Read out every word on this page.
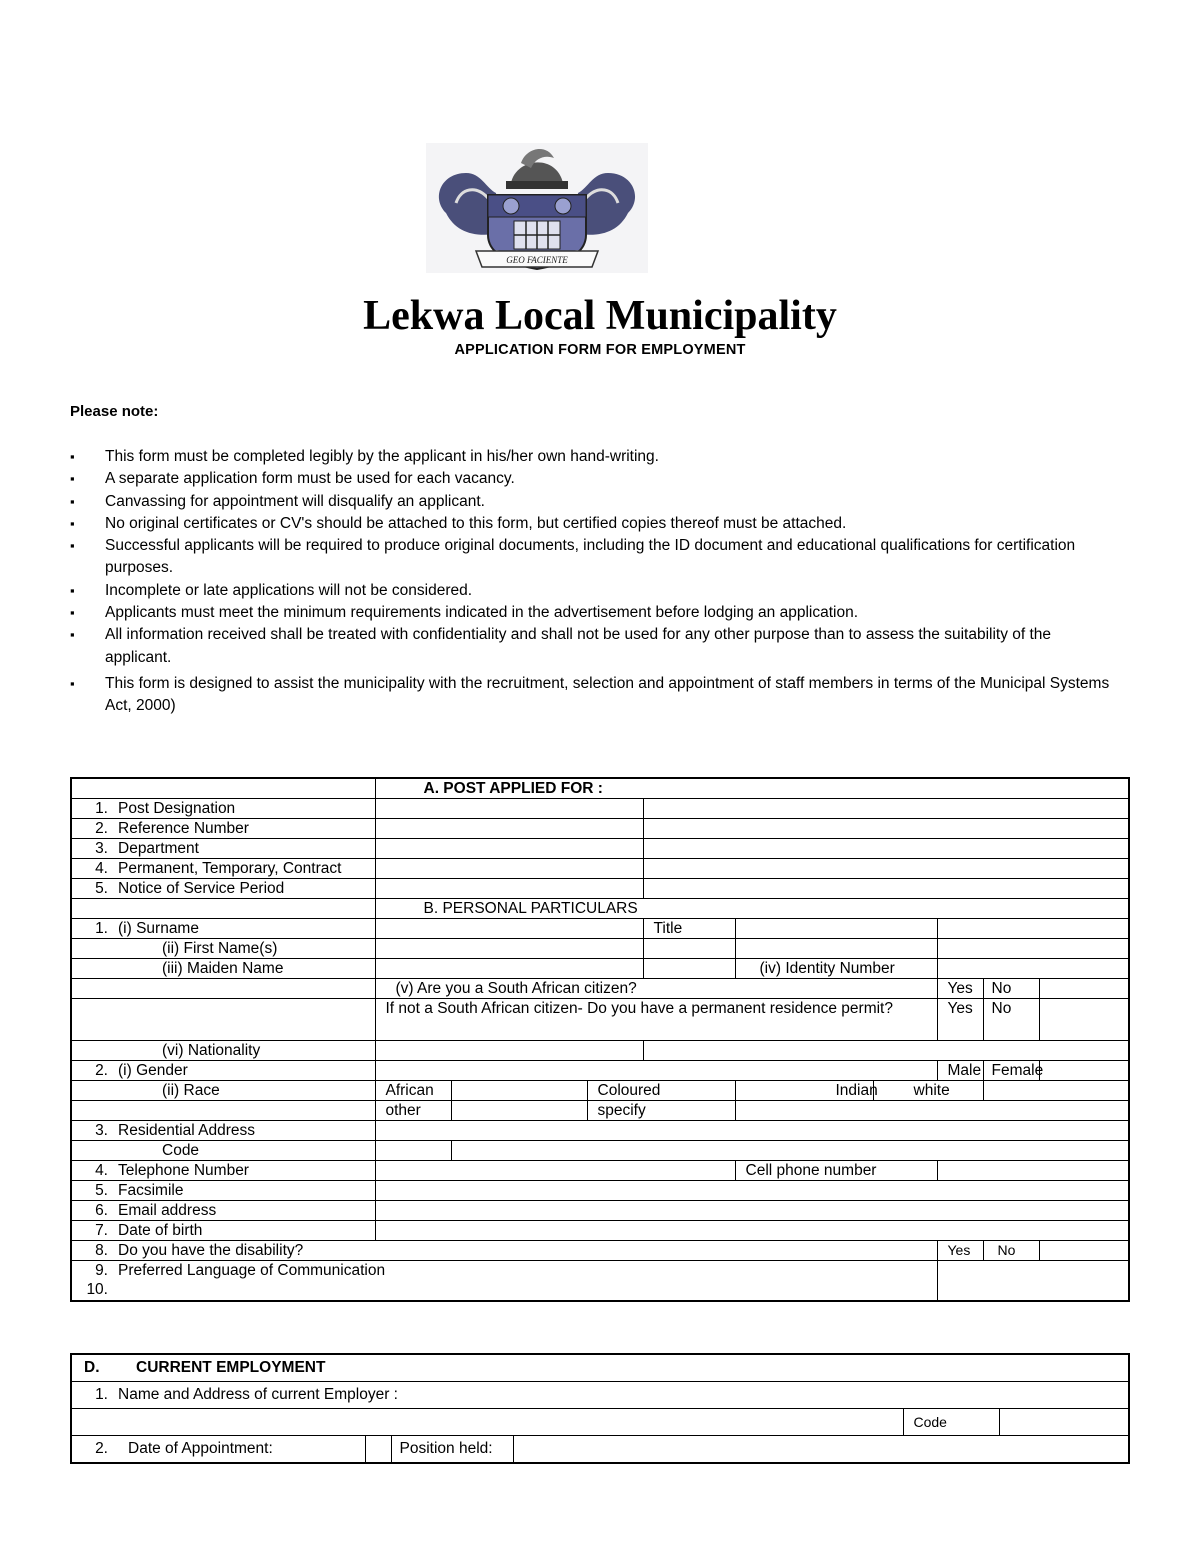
GEO FACIENTE
Lekwa Local Municipality
APPLICATION FORM FOR EMPLOYMENT
Please note:
▪ This form must be completed legibly by the applicant in his/her own hand-writing.
▪ A separate application form must be used for each vacancy.
▪ Canvassing for appointment will disqualify an applicant.
▪ No original certificates or CV's should be attached to this form, but certified copies thereof must be attached.
▪ Successful applicants will be required to produce original documents, including the ID document and educational qualifications for certification purposes.
▪ Incomplete or late applications will not be considered.
▪ Applicants must meet the minimum requirements indicated in the advertisement before lodging an application.
▪ All information received shall be treated with confidentiality and shall not be used for any other purpose than to assess the suitability of the applicant.
▪ This form is designed to assist the municipality with the recruitment, selection and appointment of staff members in terms of the Municipal Systems Act, 2000)
	A. POST APPLIED FOR :								
1. Post Designation									
2. Reference Number									
3. Department									
4. Permanent, Temporary, Contract									
5. Notice of Service Period									
	B. PERSONAL PARTICULARS								
1. (i) Surname				Title					
(ii) First Name(s)									
(iii) Maiden Name					(iv) Identity Number				
	(v) Are you a South African citizen?						Yes	No	
	If not a South African citizen- Do you have a permanent residence permit?						Yes	No	
(vi) Nationality									
2. (i) Gender							Male	Female	
(ii) Race	African		Coloured		Indian	white			
	other		specify						
3. Residential Address									
Code									
4. Telephone Number					Cell phone number				
5. Facsimile									
6. Email address									
7. Date of birth									
8. Do you have the disability?							Yes	No	
9. Preferred Language of Communication
10.									
D. CURRENT EMPLOYMENT					
1. Name and Address of current Employer :					
				Code	
2. Date of Appointment:		Position held:			
